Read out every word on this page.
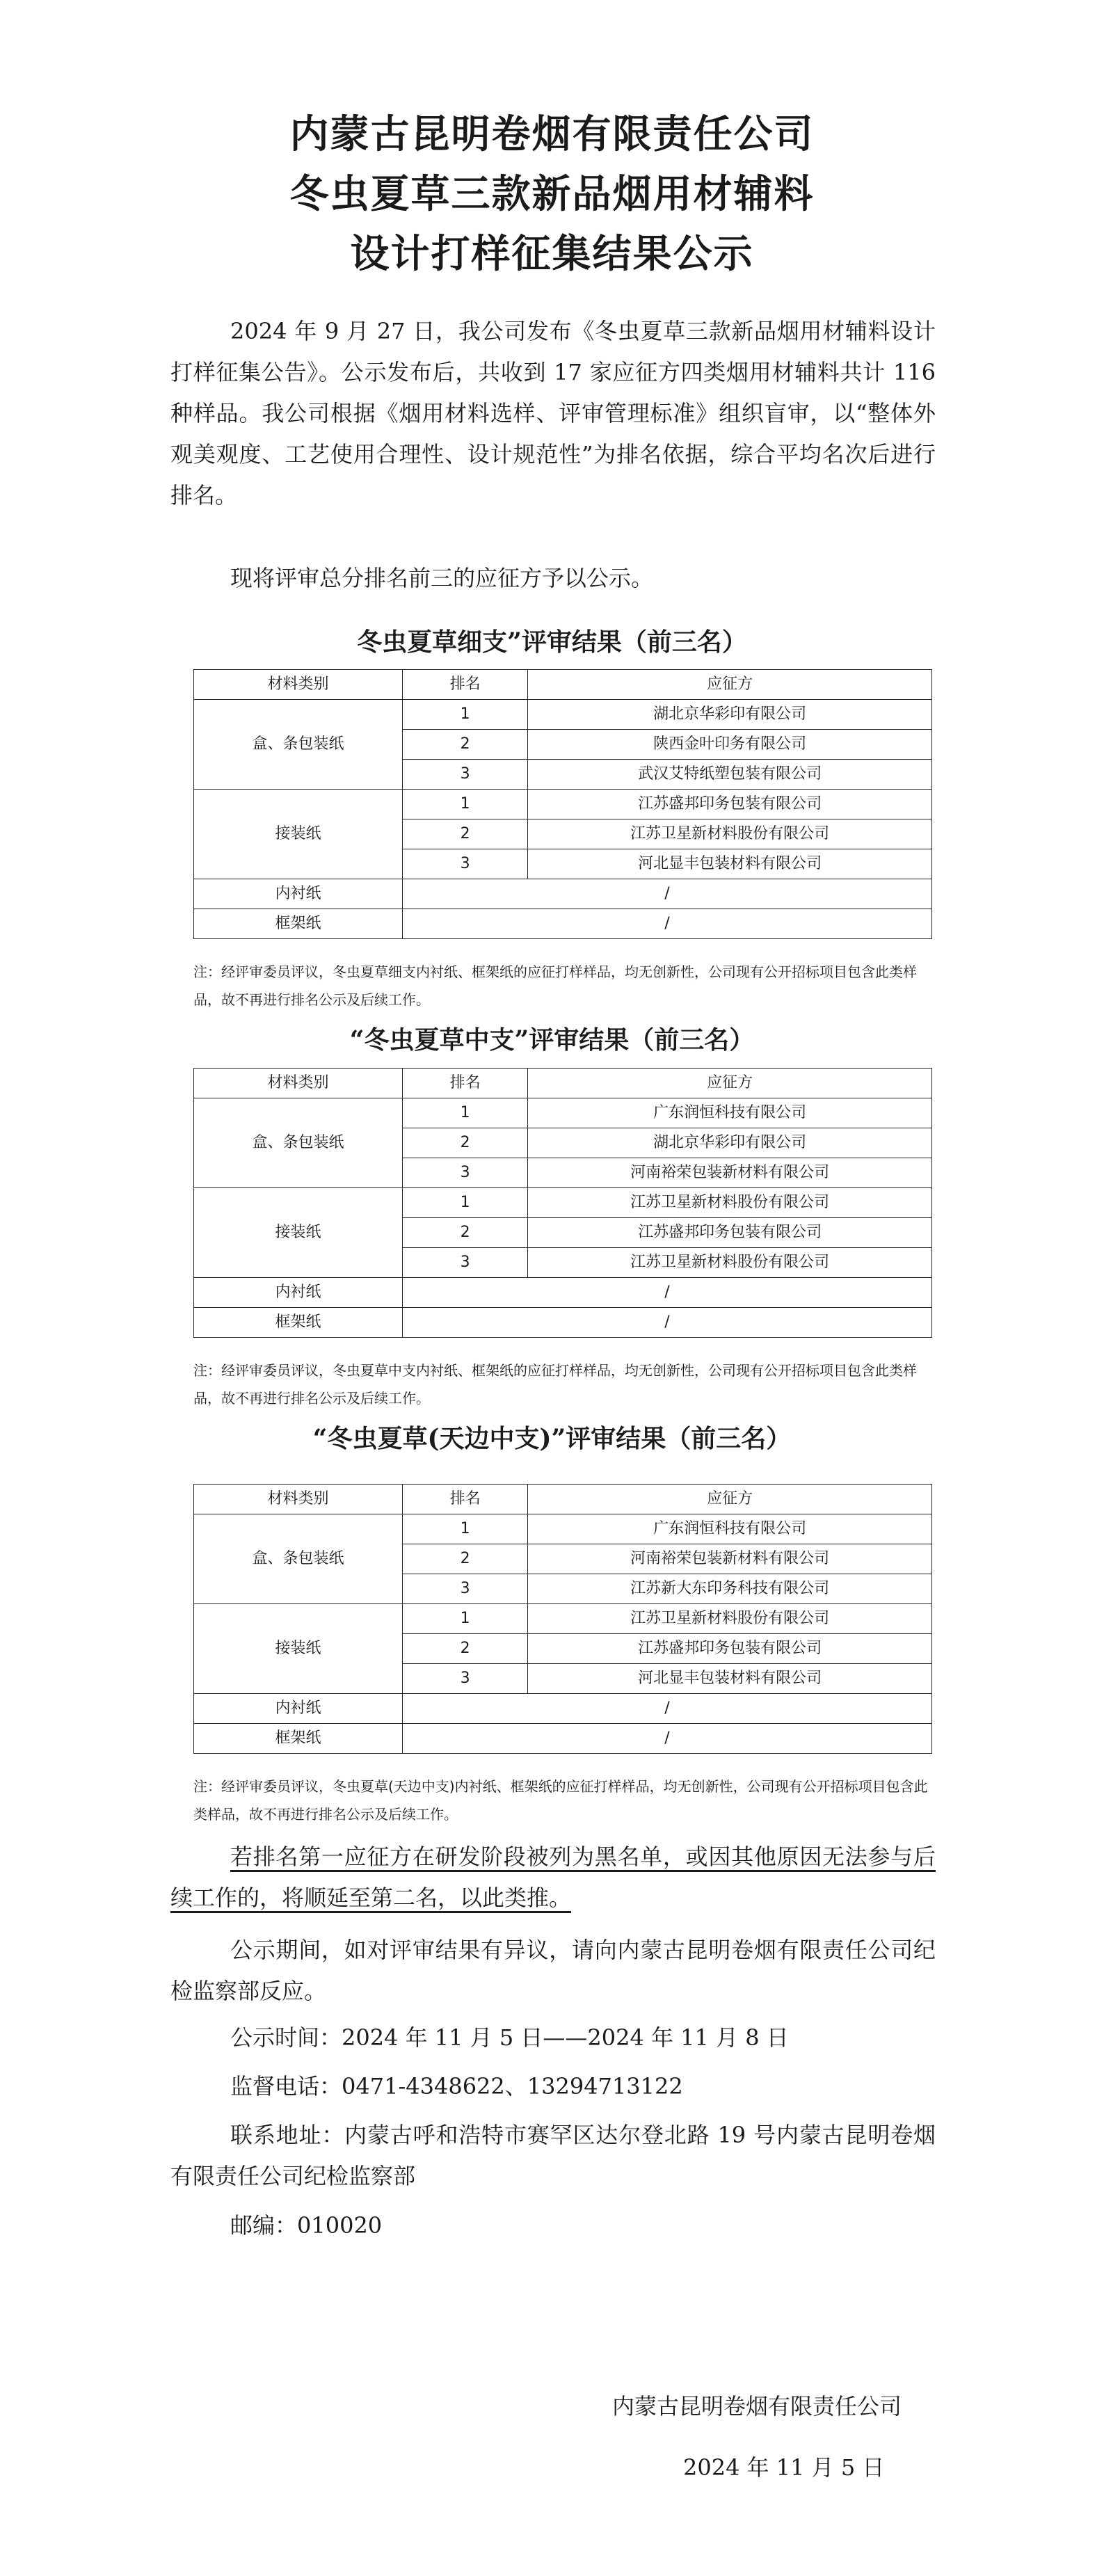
内蒙古昆明卷烟有限责任公司
冬虫夏草三款新品烟用材辅料
设计打样征集结果公示
2024 年 9 月 27 日，我公司发布《冬虫夏草三款新品烟用材辅料设计打样征集公告》。公示发布后，共收到 17 家应征方四类烟用材辅料共计 116 种样品。我公司根据《烟用材料选样、评审管理标准》组织盲审，以“整体外观美观度、工艺使用合理性、设计规范性”为排名依据，综合平均名次后进行排名。
现将评审总分排名前三的应征方予以公示。
冬虫夏草细支”评审结果（前三名）
材料类别	排名	应征方
盒、条包装纸	1	湖北京华彩印有限公司
	2	陕西金叶印务有限公司
	3	武汉艾特纸塑包装有限公司
接装纸	1	江苏盛邦印务包装有限公司
	2	江苏卫星新材料股份有限公司
	3	河北显丰包装材料有限公司
内衬纸	/	
框架纸	/	
注：经评审委员评议，冬虫夏草细支内衬纸、框架纸的应征打样样品，均无创新性，公司现有公开招标项目包含此类样品，故不再进行排名公示及后续工作。
“冬虫夏草中支”评审结果（前三名）
材料类别	排名	应征方
盒、条包装纸	1	广东润恒科技有限公司
	2	湖北京华彩印有限公司
	3	河南裕荣包装新材料有限公司
接装纸	1	江苏卫星新材料股份有限公司
	2	江苏盛邦印务包装有限公司
	3	江苏卫星新材料股份有限公司
内衬纸	/	
框架纸	/	
注：经评审委员评议，冬虫夏草中支内衬纸、框架纸的应征打样样品，均无创新性，公司现有公开招标项目包含此类样品，故不再进行排名公示及后续工作。
“冬虫夏草(天边中支)”评审结果（前三名）
材料类别	排名	应征方
盒、条包装纸	1	广东润恒科技有限公司
	2	河南裕荣包装新材料有限公司
	3	江苏新大东印务科技有限公司
接装纸	1	江苏卫星新材料股份有限公司
	2	江苏盛邦印务包装有限公司
	3	河北显丰包装材料有限公司
内衬纸	/	
框架纸	/	
注：经评审委员评议，冬虫夏草(天边中支)内衬纸、框架纸的应征打样样品，均无创新性，公司现有公开招标项目包含此类样品，故不再进行排名公示及后续工作。
若排名第一应征方在研发阶段被列为黑名单，或因其他原因无法参与后续工作的，将顺延至第二名，以此类推。
公示期间，如对评审结果有异议，请向内蒙古昆明卷烟有限责任公司纪检监察部反应。
公示时间：2024 年 11 月 5 日——2024 年 11 月 8 日
监督电话：0471-4348622、13294713122
联系地址：内蒙古呼和浩特市赛罕区达尔登北路 19 号内蒙古昆明卷烟有限责任公司纪检监察部
邮编：010020
内蒙古昆明卷烟有限责任公司
2024 年 11 月 5 日
